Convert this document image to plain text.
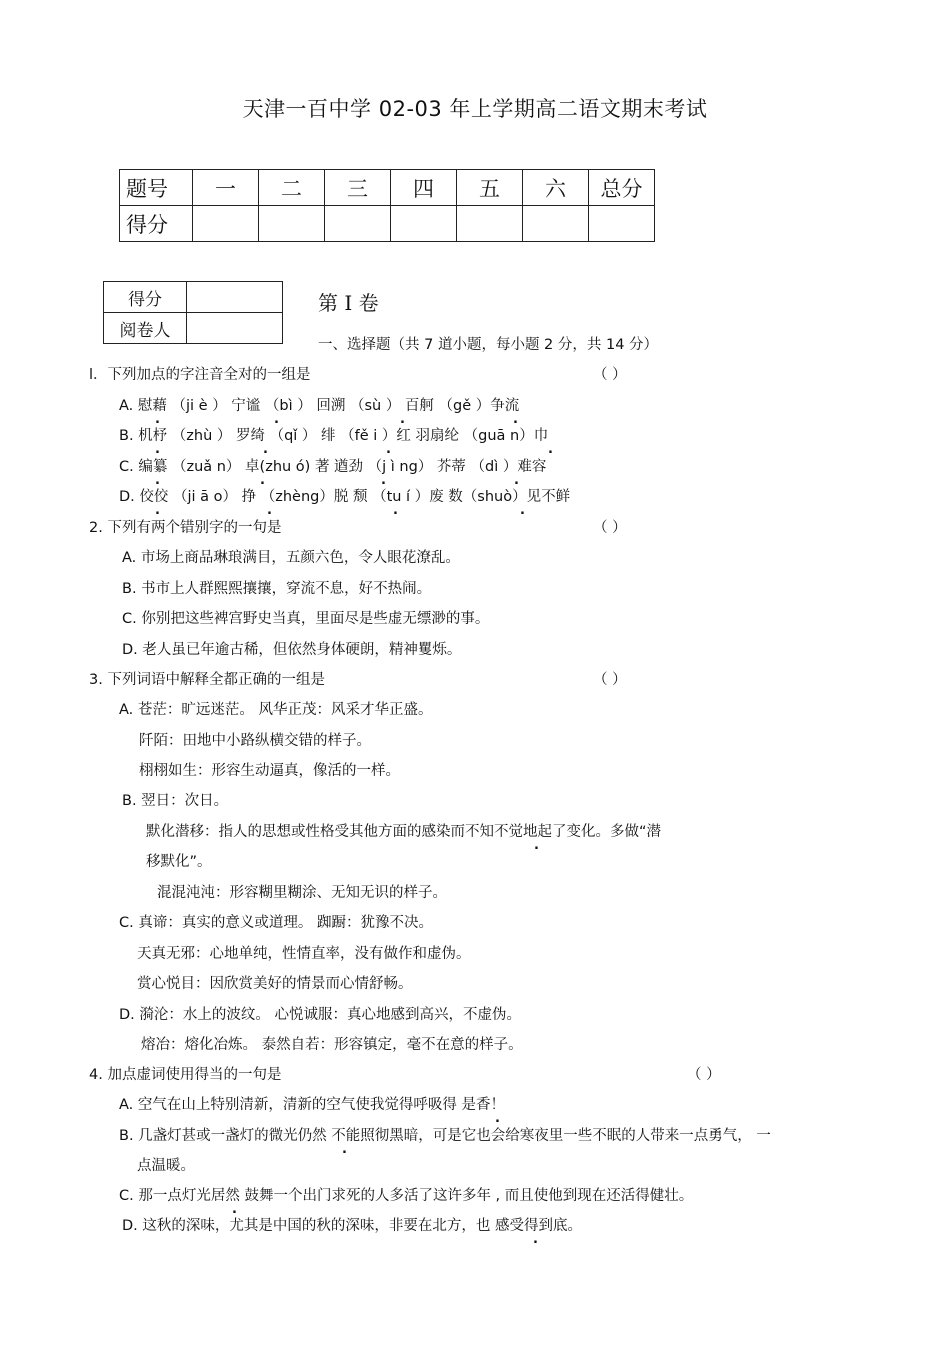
天津一百中学 02-03 年上学期高二语文期末考试
题号	一	二	三	四	五	六	总分
得分							
得分	
阅卷人	
第 I 卷
一、选择题（共 7 道小题，每小题 2 分，共 14 分）
l．下列加点的字注音全对的一组是	（ ）
A. 慰藉 （ji è ） 宁谧 （bì ） 回溯 （sù ） 百舸 （gě ）争流
B. 机杼 （zhù ） 罗绮 （qǐ ） 绯 （fě i ）红 羽扇纶 （guā n）巾
C. 编纂 （zuǎ n） 卓(zhu ó) 著 遒劲 （j ì ng） 芥蒂 （dì ）难容
D. 佼佼 （ji ā o） 挣 （zhèng）脱 颓 （tu í ）废 数（shuò）见不鲜
2. 下列有两个错别字的一句是	（ ）
A. 市场上商品琳琅满目，五颜六色，令人眼花潦乱。
B. 书市上人群熙熙攘攘，穿流不息，好不热闹。
C. 你别把这些裨宫野史当真，里面尽是些虚无缥渺的事。
D. 老人虽已年逾古稀，但依然身体硬朗，精神矍烁。
3. 下列词语中解释全都正确的一组是	（ ）
A. 苍茫：旷远迷茫。 风华正茂：风采才华正盛。
阡陌：田地中小路纵横交错的样子。
栩栩如生：形容生动逼真，像活的一样。
B. 翌日：次日。
默化潜移：指人的思想或性格受其他方面的感染而不知不觉地起了变化。多做“潜
移默化”。
混混沌沌：形容糊里糊涂、无知无识的样子。
C. 真谛：真实的意义或道理。 踟蹰：犹豫不决。
天真无邪：心地单纯，性情直率，没有做作和虚伪。
赏心悦目：因欣赏美好的情景而心情舒畅。
D. 漪沦：水上的波纹。 心悦诚服：真心地感到高兴，不虚伪。
熔冶：熔化冶炼。 泰然自若：形容镇定，毫不在意的样子。
4. 加点虚词使用得当的一句是	（ ）
A. 空气在山上特别清新，清新的空气使我觉得呼吸得 是香！
B. 几盏灯甚或一盏灯的微光仍然 不能照彻黑暗，可是它也会给寒夜里一些不眠的人带来一点勇气， 一
点温暖。
C. 那一点灯光居然 鼓舞一个出门求死的人多活了这许多年 , 而且使他到现在还活得健壮。
D. 这秋的深味，尤其是中国的秋的深味，非要在北方，也 感受得到底。
.	.	.	.
.	.	.	.
.	.	.	.
.	.	.	.
.
.
.
.
.
